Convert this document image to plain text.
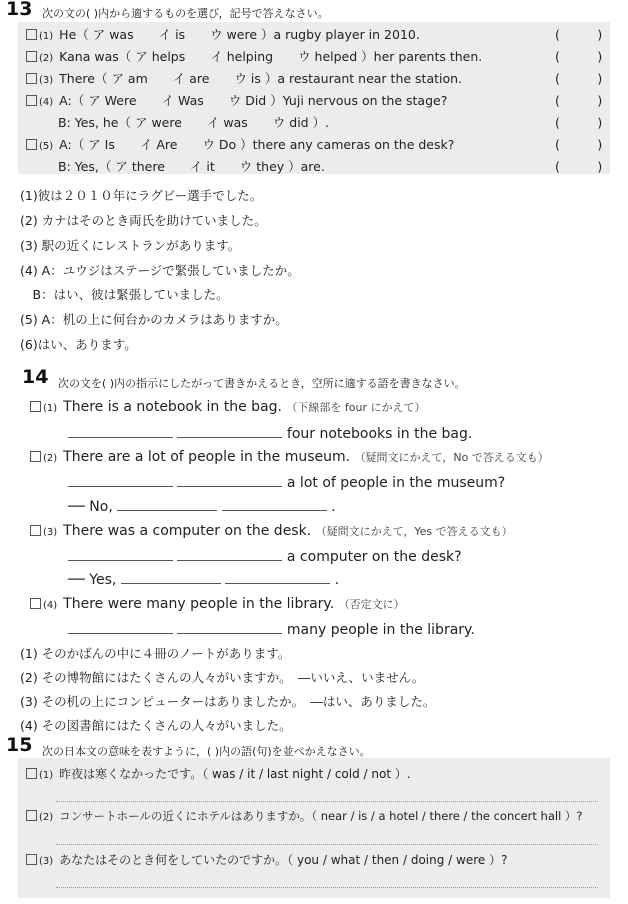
13 次の文の( )内から適するものを選び，記号で答えなさい。
(1) He（ ア was　　イ is　　ウ were ）a rugby player in 2010.	(　　　)
(2) Kana was（ ア helps　　イ helping　　ウ helped ）her parents then.	(　　　)
(3) There（ ア am　　イ are　　ウ is ）a restaurant near the station.	(　　　)
(4) A:（ ア Were　　イ Was　　ウ Did ）Yuji nervous on the stage?	(　　　)
B: Yes, he（ ア were　　イ was　　ウ did ）.	(　　　)
(5) A:（ ア Is　　イ Are　　ウ Do ）there any cameras on the desk?	(　　　)
B: Yes,（ ア there　　イ it　　ウ they ）are.	(　　　)
(1)彼は２０１０年にラグビー選手でした。
(2) カナはそのとき両氏を助けていました。
(3) 駅の近くにレストランがあります。
(4) A：ユウジはステージで緊張していましたか。
　B：はい、彼は緊張していました。
(5) A：机の上に何台かのカメラはありますか。
(6)はい、あります。
14 次の文を( )内の指示にしたがって書きかえるとき，空所に適する語を書きなさい。
(1) There is a notebook in the bag. （下線部を four にかえて）
four notebooks in the bag.
(2) There are a lot of people in the museum. （疑問文にかえて，No で答える文も）
a lot of people in the museum?
── No,	.
(3) There was a computer on the desk. （疑問文にかえて，Yes で答える文も）
a computer on the desk?
── Yes,	.
(4) There were many people in the library. （否定文に）
many people in the library.
(1) そのかばんの中に４冊のノートがあります。
(2) その博物館にはたくさんの人々がいますか。　―いいえ、いません。
(3) その机の上にコンピューターはありましたか。　―はい、ありました。
(4) その図書館にはたくさんの人々がいました。
15 次の日本文の意味を表すように，( )内の語(句)を並べかえなさい。
(1) 昨夜は寒くなかったです。（ was / it / last night / cold / not ）.
(2) コンサートホールの近くにホテルはありますか。（ near / is / a hotel / there / the concert hall ）?
(3) あなたはそのとき何をしていたのですか。（ you / what / then / doing / were ）?
